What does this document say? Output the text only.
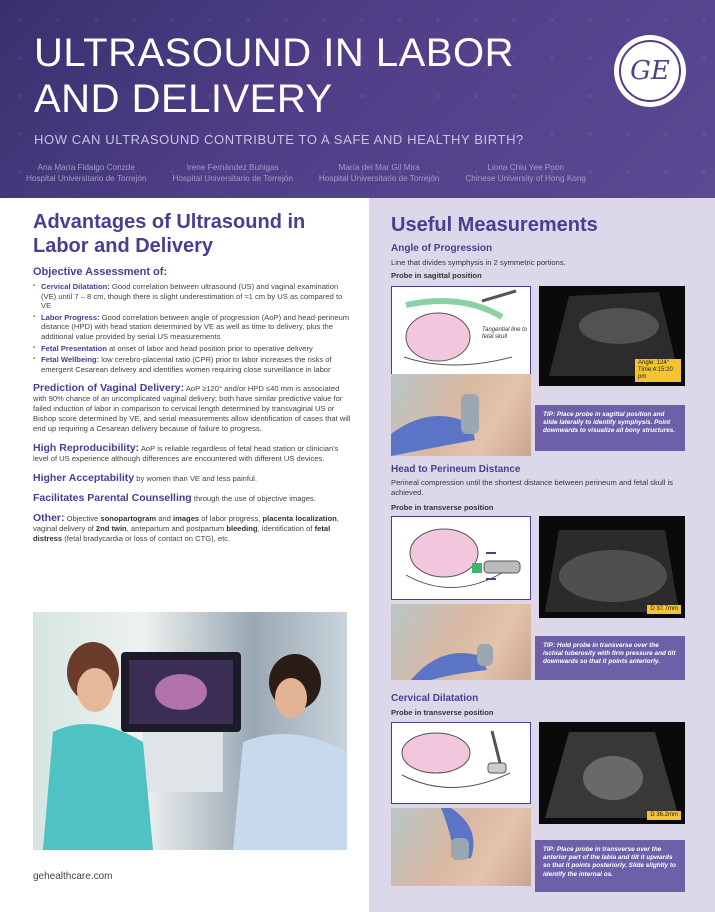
ULTRASOUND IN LABOR AND DELIVERY
HOW CAN ULTRASOUND CONTRIBUTE TO A SAFE AND HEALTHY BIRTH?
GE
Ana María Fidalgo Conzde
Hospital Universitario de Torrejón
Irene Fernández Buhigas
Hospital Universitario de Torrejón
María del Mar Gil Mira
Hospital Universitario de Torrejón
Liona Chiu Yee Poon
Chinese University of Hong Kong
Advantages of Ultrasound in Labor and Delivery
Objective Assessment of:
▪ Cervical Dilatation: Good correlation between ultrasound (US) and vaginal examination (VE) until 7 – 8 cm, though there is slight underestimation of ≈1 cm by US as compared to VE
▪ Labor Progress: Good correlation between angle of progression (AoP) and head-perineum distance (HPD) with head station determined by VE as well as time to delivery, plus the additional value provided by serial US measurements
▪ Fetal Presentation at onset of labor and head position prior to operative delivery
▪ Fetal Wellbeing: low cerebro-placental ratio (CPR) prior to labor increases the risks of emergent Cesarean delivery and identifies women requiring close surveillance in labor

Prediction of Vaginal Delivery: AoP ≥120° and/or HPD ≤40 mm is associated with 90% chance of an uncomplicated vaginal delivery; both have similar predictive value for failed induction of labor in comparison to cervical length determined by transvaginal US or Bishop score determined by VE, and serial measurements allow identification of cases that will end up requiring a Cesarean delivery because of failure to progress.

High Reproducibility: AoP is reliable regardless of fetal head station or clinician's level of US experience although differences are encountered with different US devices.

Higher Acceptability by women than VE and less painful.

Facilitates Parental Counselling through the use of objective images.

Other: Objective sonopartogram and images of labor progress, placenta localization, vaginal delivery of 2nd twin, antepartum and postpartum bleeding, identification of fetal distress (fetal bradycardia or loss of contact on CTG), etc.

gehealthcare.com
Useful Measurements
Angle of Progression
Line that divides symphysis in 2 symmetric portions.
Probe in sagittal position
Tangential line to fetal skull
Angle: 124° Time:4:15:20 pm
TIP: Place probe in sagittal position and slide laterally to identify symphysis. Point downwards to visualize all bony structures.
Head to Perineum Distance
Perineal compression until the shortest distance between perineum and fetal skull is achieved.
Probe in transverse position
D 37.7mm
TIP: Hold probe in transverse over the ischial tuberosity with firm pressure and tilt downwards so that it points anteriorly.
Cervical Dilatation
Probe in transverse position
D 36.2mm
TIP: Place probe in transverse over the anterior part of the labia and tilt it upwards so that it points posteriorly. Slide slightly to identify the internal os.
